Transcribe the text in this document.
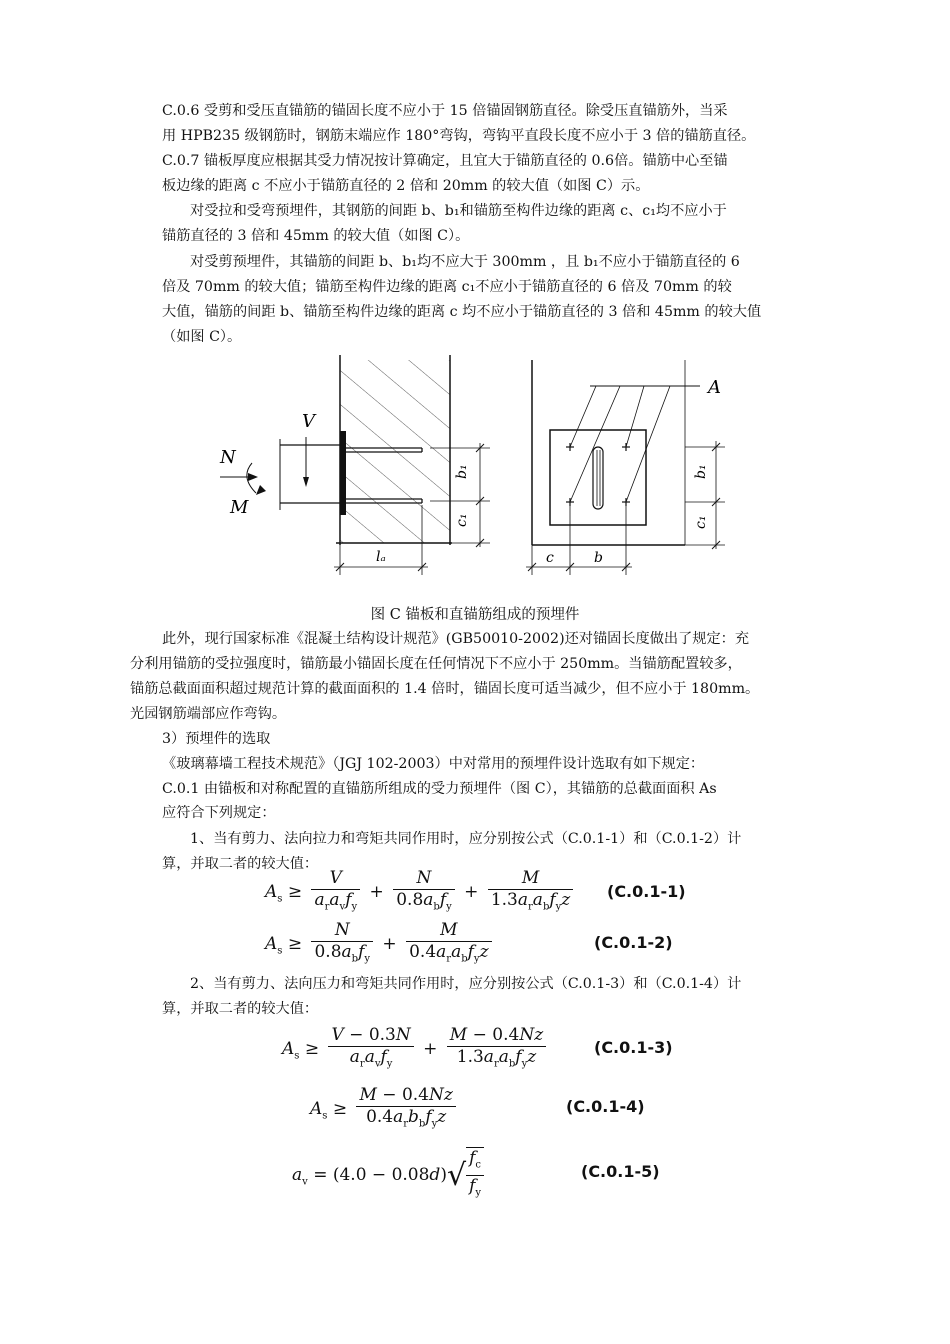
C.0.6 受剪和受压直锚筋的锚固长度不应小于 15 倍锚固钢筋直径。除受压直锚筋外，当采
用 HPB235 级钢筋时，钢筋末端应作 180°弯钩，弯钩平直段长度不应小于 3 倍的锚筋直径。
C.0.7 锚板厚度应根据其受力情况按计算确定，且宜大于锚筋直径的 0.6倍。锚筋中心至锚
板边缘的距离 c 不应小于锚筋直径的 2 倍和 20mm 的较大值（如图 C）示。
对受拉和受弯预埋件，其钢筋的间距 b、b₁和锚筋至构件边缘的距离 c、c₁均不应小于
锚筋直径的 3 倍和 45mm 的较大值（如图 C）。
对受剪预埋件，其锚筋的间距 b、b₁均不应大于 300mm ，且 b₁不应小于锚筋直径的 6
倍及 70mm 的较大值；锚筋至构件边缘的距离 c₁不应小于锚筋直径的 6 倍及 70mm 的较
大值，锚筋的间距 b、锚筋至构件边缘的距离 c 均不应小于锚筋直径的 3 倍和 45mm 的较大值
（如图 C）。
V
N
M
b₁
c₁
lₐ
A
b₁
c₁
c	b
图 C 锚板和直锚筋组成的预埋件
此外，现行国家标准《混凝土结构设计规范》(GB50010-2002)还对锚固长度做出了规定：充
分利用锚筋的受拉强度时，锚筋最小锚固长度在任何情况下不应小于 250mm。当锚筋配置较多，
锚筋总截面面积超过规范计算的截面面积的 1.4 倍时，锚固长度可适当减少，但不应小于 180mm。
光园钢筋端部应作弯钩。
3）预埋件的选取
《玻璃幕墙工程技术规范》（JGJ 102-2003）中对常用的预埋件设计选取有如下规定：
C.0.1 由锚板和对称配置的直锚筋所组成的受力预埋件（图 C），其锚筋的总截面面积 As
应符合下列规定：
1、当有剪力、法向拉力和弯矩共同作用时，应分别按公式（C.0.1-1）和（C.0.1-2）计
算，并取二者的较大值：
$A_s \ge \frac{V}{a_ra_vf_y} + \frac{N}{0.8a_bf_y} + \frac{M}{1.3a_ra_bf_yz} (C.0.1-1)$
$A_s \ge \frac{N}{0.8a_bf_y} + \frac{M}{0.4a_ra_bf_yz}$	(C.0.1-2)
2、当有剪力、法向压力和弯矩共同作用时，应分别按公式（C.0.1-3）和（C.0.1-4）计
算，并取二者的较大值：
$A_s \ge \frac{V - 0.3N}{a_ra_vf_y} + \frac{M - 0.4Nz}{1.3a_ra_bf_yz}$	(C.0.1-3)
$A_s \ge \frac{M - 0.4Nz}{0.4a_rb_bf_yz}$	(C.0.1-4)
$a_v = (4.0 - 0.08d)√ \frac{f_c}{f_y}$	(C.0.1-5)
